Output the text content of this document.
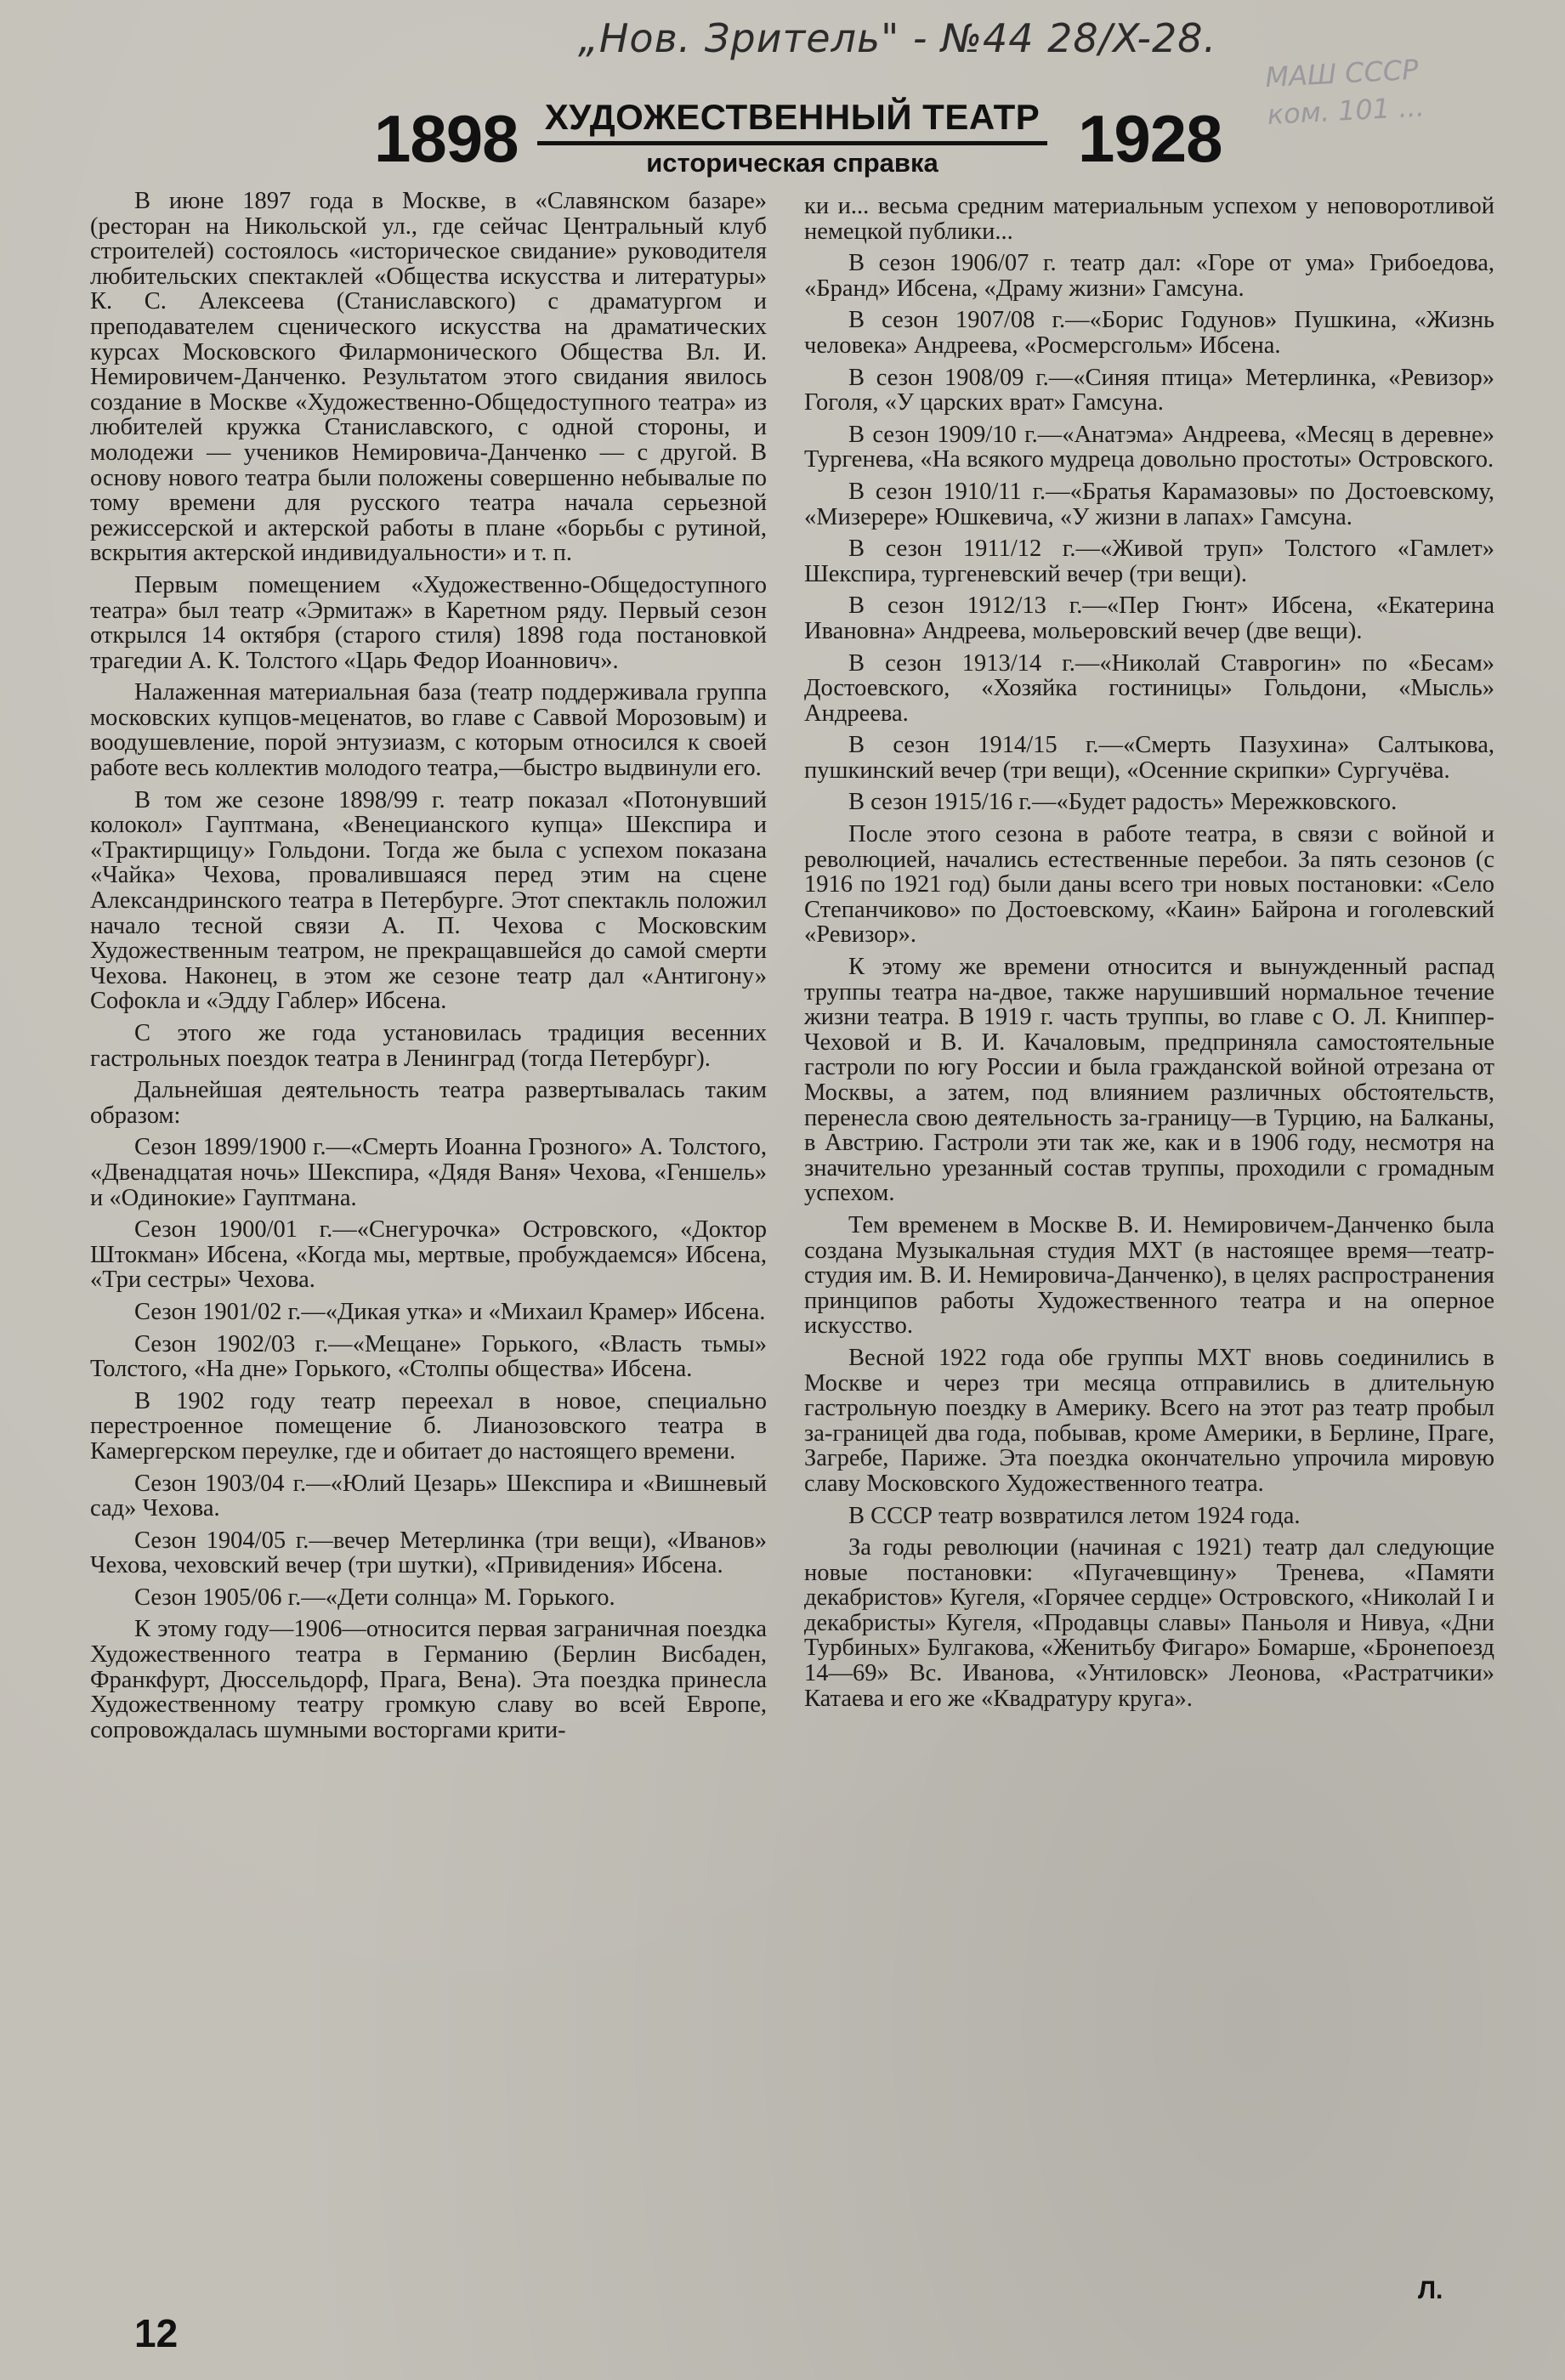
„Нов. Зритель" - №44 28/X-28.
МАШ СССР
ком. 101 ...
1898 ХУДОЖЕСТВЕННЫЙ ТЕАТР
историческая справка	1928

В июне 1897 года в Москве, в «Славянском базаре» (ресторан на Никольской ул., где сейчас Центральный клуб строителей) состоялось «историческое свидание» руководителя любительских спектаклей «Общества искусства и литературы» К. С. Алексеева (Станиславского) с драматургом и преподавателем сценического искусства на драматических курсах Московского Филармонического Общества Вл. И. Немировичем-Данченко. Результатом этого свидания явилось создание в Москве «Художественно-Общедоступного театра» из любителей кружка Станиславского, с одной стороны, и молодежи — учеников Немировича-Данченко — с другой. В основу нового театра были положены совершенно небывалые по тому времени для русского театра начала серьезной режиссерской и актерской работы в плане «борьбы с рутиной, вскрытия актерской индивидуальности» и т. п.

Первым помещением «Художественно-Общедоступного театра» был театр «Эрмитаж» в Каретном ряду. Первый сезон открылся 14 октября (старого стиля) 1898 года постановкой трагедии А. К. Толстого «Царь Федор Иоаннович».

Налаженная материальная база (театр поддерживала группа московских купцов-меценатов, во главе с Саввой Морозовым) и воодушевление, порой энтузиазм, с которым относился к своей работе весь коллектив молодого театра,—быстро выдвинули его.

В том же сезоне 1898/99 г. театр показал «Потонувший колокол» Гауптмана, «Венецианского купца» Шекспира и «Трактирщицу» Гольдони. Тогда же была с успехом показана «Чайка» Чехова, провалившаяся перед этим на сцене Александринского театра в Петербурге. Этот спектакль положил начало тесной связи А. П. Чехова с Московским Художественным театром, не прекращавшейся до самой смерти Чехова. Наконец, в этом же сезоне театр дал «Антигону» Софокла и «Эдду Габлер» Ибсена.

С этого же года установилась традиция весенних гастрольных поездок театра в Ленинград (тогда Петербург).

Дальнейшая деятельность театра развертывалась таким образом:

Сезон 1899/1900 г.—«Смерть Иоанна Грозного» А. Толстого, «Двенадцатая ночь» Шекспира, «Дядя Ваня» Чехова, «Геншель» и «Одинокие» Гауптмана.

Сезон 1900/01 г.—«Снегурочка» Островского, «Доктор Штокман» Ибсена, «Когда мы, мертвые, пробуждаемся» Ибсена, «Три сестры» Чехова.

Сезон 1901/02 г.—«Дикая утка» и «Михаил Крамер» Ибсена.

Сезон 1902/03 г.—«Мещане» Горького, «Власть тьмы» Толстого, «На дне» Горького, «Столпы общества» Ибсена.

В 1902 году театр переехал в новое, специально перестроенное помещение б. Лианозовского театра в Камергерском переулке, где и обитает до настоящего времени.

Сезон 1903/04 г.—«Юлий Цезарь» Шекспира и «Вишневый сад» Чехова.

Сезон 1904/05 г.—вечер Метерлинка (три вещи), «Иванов» Чехова, чеховский вечер (три шутки), «Привидения» Ибсена.

Сезон 1905/06 г.—«Дети солнца» М. Горького.

К этому году—1906—относится первая заграничная поездка Художественного театра в Германию (Берлин Висбаден, Франкфурт, Дюссельдорф, Прага, Вена). Эта поездка принесла Художественному театру громкую славу во всей Европе, сопровождалась шумными восторгами крити-

ки и... весьма средним материальным успехом у неповоротливой немецкой публики...

В сезон 1906/07 г. театр дал: «Горе от ума» Грибоедова, «Бранд» Ибсена, «Драму жизни» Гамсуна.

В сезон 1907/08 г.—«Борис Годунов» Пушкина, «Жизнь человека» Андреева, «Росмерсгольм» Ибсена.

В сезон 1908/09 г.—«Синяя птица» Метерлинка, «Ревизор» Гоголя, «У царских врат» Гамсуна.

В сезон 1909/10 г.—«Анатэма» Андреева, «Месяц в деревне» Тургенева, «На всякого мудреца довольно простоты» Островского.

В сезон 1910/11 г.—«Братья Карамазовы» по Достоевскому, «Мизерере» Юшкевича, «У жизни в лапах» Гамсуна.

В сезон 1911/12 г.—«Живой труп» Толстого «Гамлет» Шекспира, тургеневский вечер (три вещи).

В сезон 1912/13 г.—«Пер Гюнт» Ибсена, «Екатерина Ивановна» Андреева, мольеровский вечер (две вещи).

В сезон 1913/14 г.—«Николай Ставрогин» по «Бесам» Достоевского, «Хозяйка гостиницы» Гольдони, «Мысль» Андреева.

В сезон 1914/15 г.—«Смерть Пазухина» Салтыкова, пушкинский вечер (три вещи), «Осенние скрипки» Сургучёва.

В сезон 1915/16 г.—«Будет радость» Мережковского.

После этого сезона в работе театра, в связи с войной и революцией, начались естественные перебои. За пять сезонов (с 1916 по 1921 год) были даны всего три новых постановки: «Село Степанчиково» по Достоевскому, «Каин» Байрона и гоголевский «Ревизор».

К этому же времени относится и вынужденный распад труппы театра на-двое, также нарушивший нормальное течение жизни театра. В 1919 г. часть труппы, во главе с О. Л. Книппер-Чеховой и В. И. Качаловым, предприняла самостоятельные гастроли по югу России и была гражданской войной отрезана от Москвы, а затем, под влиянием различных обстоятельств, перенесла свою деятельность за-границу—в Турцию, на Балканы, в Австрию. Гастроли эти так же, как и в 1906 году, несмотря на значительно урезанный состав труппы, проходили с громадным успехом.

Тем временем в Москве В. И. Немировичем-Данченко была создана Музыкальная студия МХТ (в настоящее время—театр-студия им. В. И. Немировича-Данченко), в целях распространения принципов работы Художественного театра и на оперное искусство.

Весной 1922 года обе группы МХТ вновь соединились в Москве и через три месяца отправились в длительную гастрольную поездку в Америку. Всего на этот раз театр пробыл за-границей два года, побывав, кроме Америки, в Берлине, Праге, Загребе, Париже. Эта поездка окончательно упрочила мировую славу Московского Художественного театра.

В СССР театр возвратился летом 1924 года.

За годы революции (начиная с 1921) театр дал следующие новые постановки: «Пугачевщину» Тренева, «Памяти декабристов» Кугеля, «Горячее сердце» Островского, «Николай I и декабристы» Кугеля, «Продавцы славы» Паньоля и Нивуа, «Дни Турбиных» Булгакова, «Женитьбу Фигаро» Бомарше, «Бронепоезд 14—69» Вс. Иванова, «Унтиловск» Леонова, «Растратчики» Катаева и его же «Квадратуру круга».

Л.
12
